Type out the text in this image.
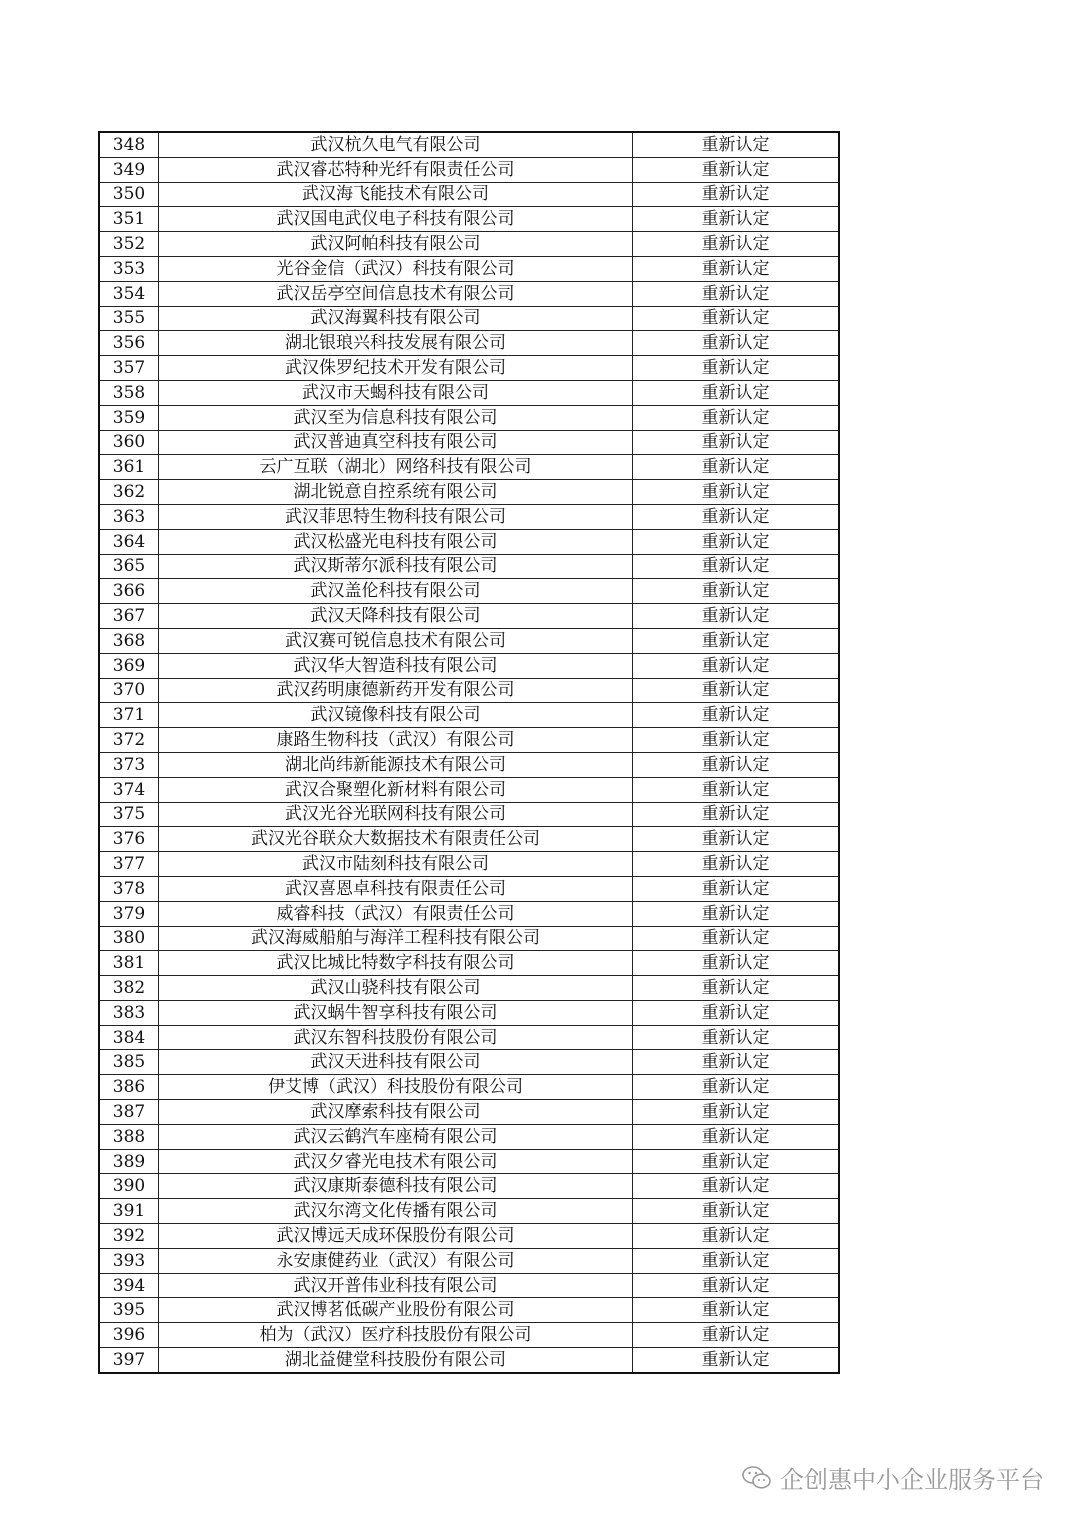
348	武汉杭久电气有限公司	重新认定
349	武汉睿芯特种光纤有限责任公司	重新认定
350	武汉海飞能技术有限公司	重新认定
351	武汉国电武仪电子科技有限公司	重新认定
352	武汉阿帕科技有限公司	重新认定
353	光谷金信（武汉）科技有限公司	重新认定
354	武汉岳亭空间信息技术有限公司	重新认定
355	武汉海翼科技有限公司	重新认定
356	湖北银琅兴科技发展有限公司	重新认定
357	武汉侏罗纪技术开发有限公司	重新认定
358	武汉市天蝎科技有限公司	重新认定
359	武汉至为信息科技有限公司	重新认定
360	武汉普迪真空科技有限公司	重新认定
361	云广互联（湖北）网络科技有限公司	重新认定
362	湖北锐意自控系统有限公司	重新认定
363	武汉菲思特生物科技有限公司	重新认定
364	武汉松盛光电科技有限公司	重新认定
365	武汉斯蒂尔派科技有限公司	重新认定
366	武汉盖伦科技有限公司	重新认定
367	武汉天降科技有限公司	重新认定
368	武汉赛可锐信息技术有限公司	重新认定
369	武汉华大智造科技有限公司	重新认定
370	武汉药明康德新药开发有限公司	重新认定
371	武汉镜像科技有限公司	重新认定
372	康路生物科技（武汉）有限公司	重新认定
373	湖北尚纬新能源技术有限公司	重新认定
374	武汉合聚塑化新材料有限公司	重新认定
375	武汉光谷光联网科技有限公司	重新认定
376	武汉光谷联众大数据技术有限责任公司	重新认定
377	武汉市陆刻科技有限公司	重新认定
378	武汉喜恩卓科技有限责任公司	重新认定
379	威睿科技（武汉）有限责任公司	重新认定
380	武汉海威船舶与海洋工程科技有限公司	重新认定
381	武汉比城比特数字科技有限公司	重新认定
382	武汉山骁科技有限公司	重新认定
383	武汉蜗牛智享科技有限公司	重新认定
384	武汉东智科技股份有限公司	重新认定
385	武汉天进科技有限公司	重新认定
386	伊艾博（武汉）科技股份有限公司	重新认定
387	武汉摩索科技有限公司	重新认定
388	武汉云鹤汽车座椅有限公司	重新认定
389	武汉夕睿光电技术有限公司	重新认定
390	武汉康斯泰德科技有限公司	重新认定
391	武汉尔湾文化传播有限公司	重新认定
392	武汉博远天成环保股份有限公司	重新认定
393	永安康健药业（武汉）有限公司	重新认定
394	武汉开普伟业科技有限公司	重新认定
395	武汉博茗低碳产业股份有限公司	重新认定
396	柏为（武汉）医疗科技股份有限公司	重新认定
397	湖北益健堂科技股份有限公司	重新认定
企创惠中小企业服务平台
